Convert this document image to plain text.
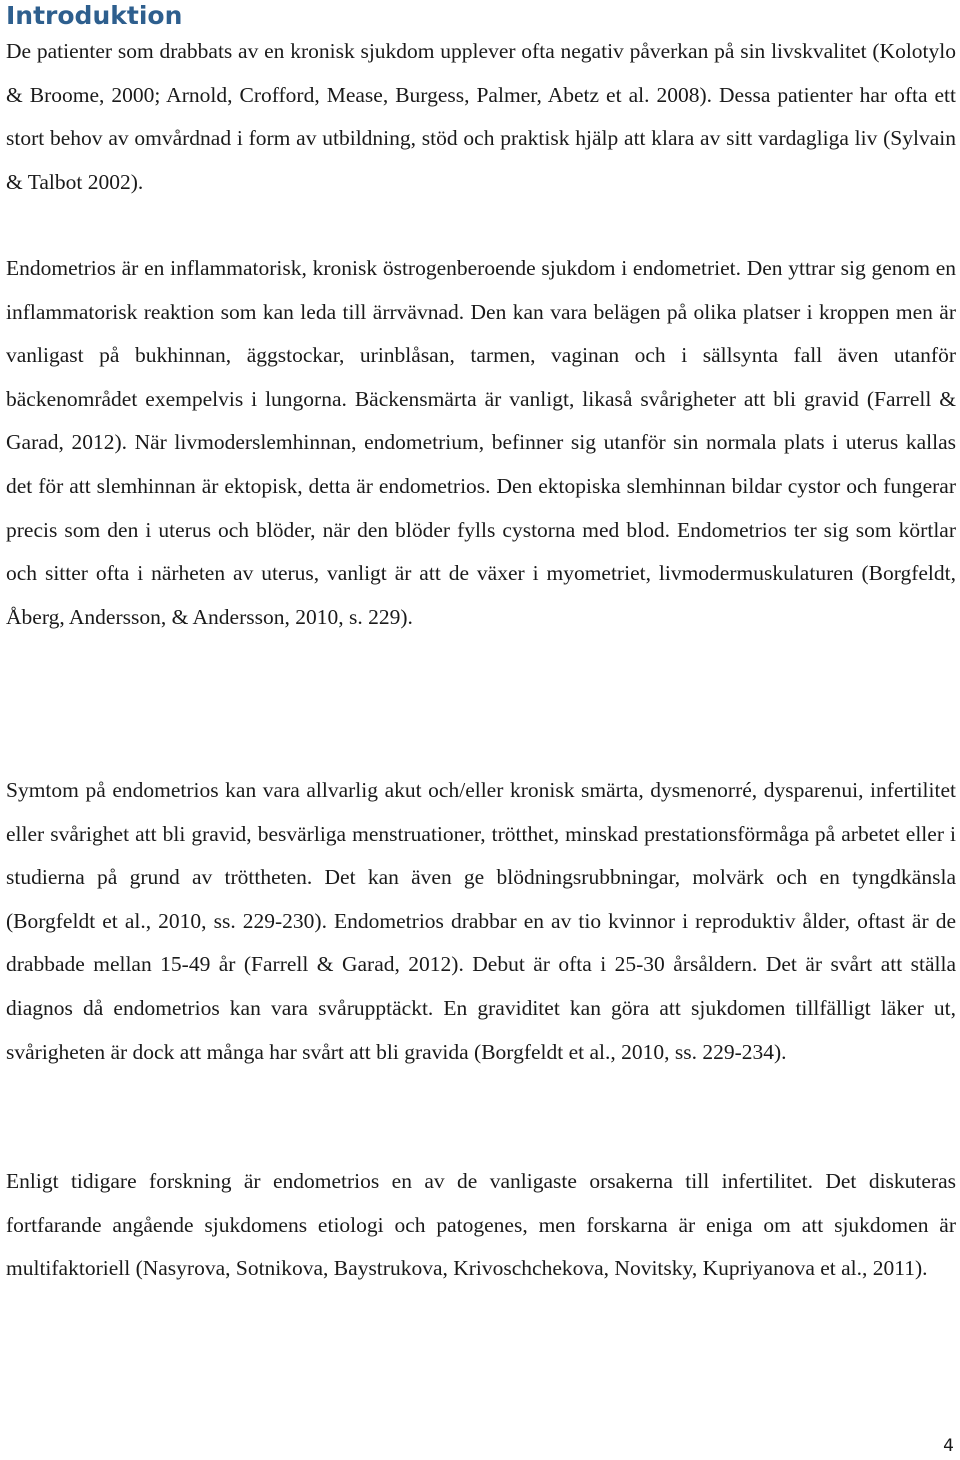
Introduktion

De patienter som drabbats av en kronisk sjukdom upplever ofta negativ påverkan på sin livskvalitet (Kolotylo & Broome, 2000; Arnold, Crofford, Mease, Burgess, Palmer, Abetz et al. 2008). Dessa patienter har ofta ett stort behov av omvårdnad i form av utbildning, stöd och praktisk hjälp att klara av sitt vardagliga liv (Sylvain & Talbot 2002).

Endometrios är en inflammatorisk, kronisk östrogenberoende sjukdom i endometriet. Den yttrar sig genom en inflammatorisk reaktion som kan leda till ärrvävnad. Den kan vara belägen på olika platser i kroppen men är vanligast på bukhinnan, äggstockar, urinblåsan, tarmen, vaginan och i sällsynta fall även utanför bäckenområdet exempelvis i lungorna. Bäckensmärta är vanligt, likaså svårigheter att bli gravid (Farrell & Garad, 2012). När livmoderslemhinnan, endometrium, befinner sig utanför sin normala plats i uterus kallas det för att slemhinnan är ektopisk, detta är endometrios. Den ektopiska slemhinnan bildar cystor och fungerar precis som den i uterus och blöder, när den blöder fylls cystorna med blod. Endometrios ter sig som körtlar och sitter ofta i närheten av uterus, vanligt är att de växer i myometriet, livmodermuskulaturen (Borgfeldt, Åberg, Andersson, & Andersson, 2010, s. 229).

Symtom på endometrios kan vara allvarlig akut och/eller kronisk smärta, dysmenorré, dysparenui, infertilitet eller svårighet att bli gravid, besvärliga menstruationer, trötthet, minskad prestationsförmåga på arbetet eller i studierna på grund av tröttheten. Det kan även ge blödningsrubbningar, molvärk och en tyngdkänsla (Borgfeldt et al., 2010, ss. 229-230). Endometrios drabbar en av tio kvinnor i reproduktiv ålder, oftast är de drabbade mellan 15-49 år (Farrell & Garad, 2012). Debut är ofta i 25-30 årsåldern. Det är svårt att ställa diagnos då endometrios kan vara svårupptäckt. En graviditet kan göra att sjukdomen tillfälligt läker ut, svårigheten är dock att många har svårt att bli gravida (Borgfeldt et al., 2010, ss. 229-234).

Enligt tidigare forskning är endometrios en av de vanligaste orsakerna till infertilitet. Det diskuteras fortfarande angående sjukdomens etiologi och patogenes, men forskarna är eniga om att sjukdomen är multifaktoriell (Nasyrova, Sotnikova, Baystrukova, Krivoschchekova, Novitsky, Kupriyanova et al., 2011).

4
